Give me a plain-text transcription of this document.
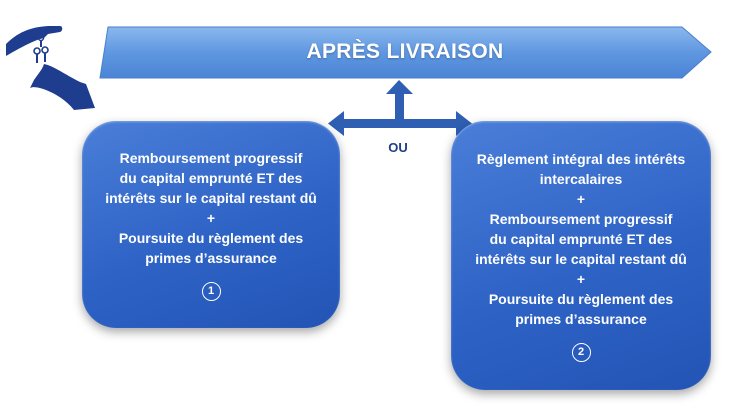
APRÈS LIVRAISON
OU

Remboursement progressif

du capital emprunté ET des

intérêts sur le capital restant dû

+

Poursuite du règlement des

primes d’assurance

1

Règlement intégral des intérêts

intercalaires

+

Remboursement progressif

du capital emprunté ET des

intérêts sur le capital restant dû

+

Poursuite du règlement des

primes d’assurance

2
